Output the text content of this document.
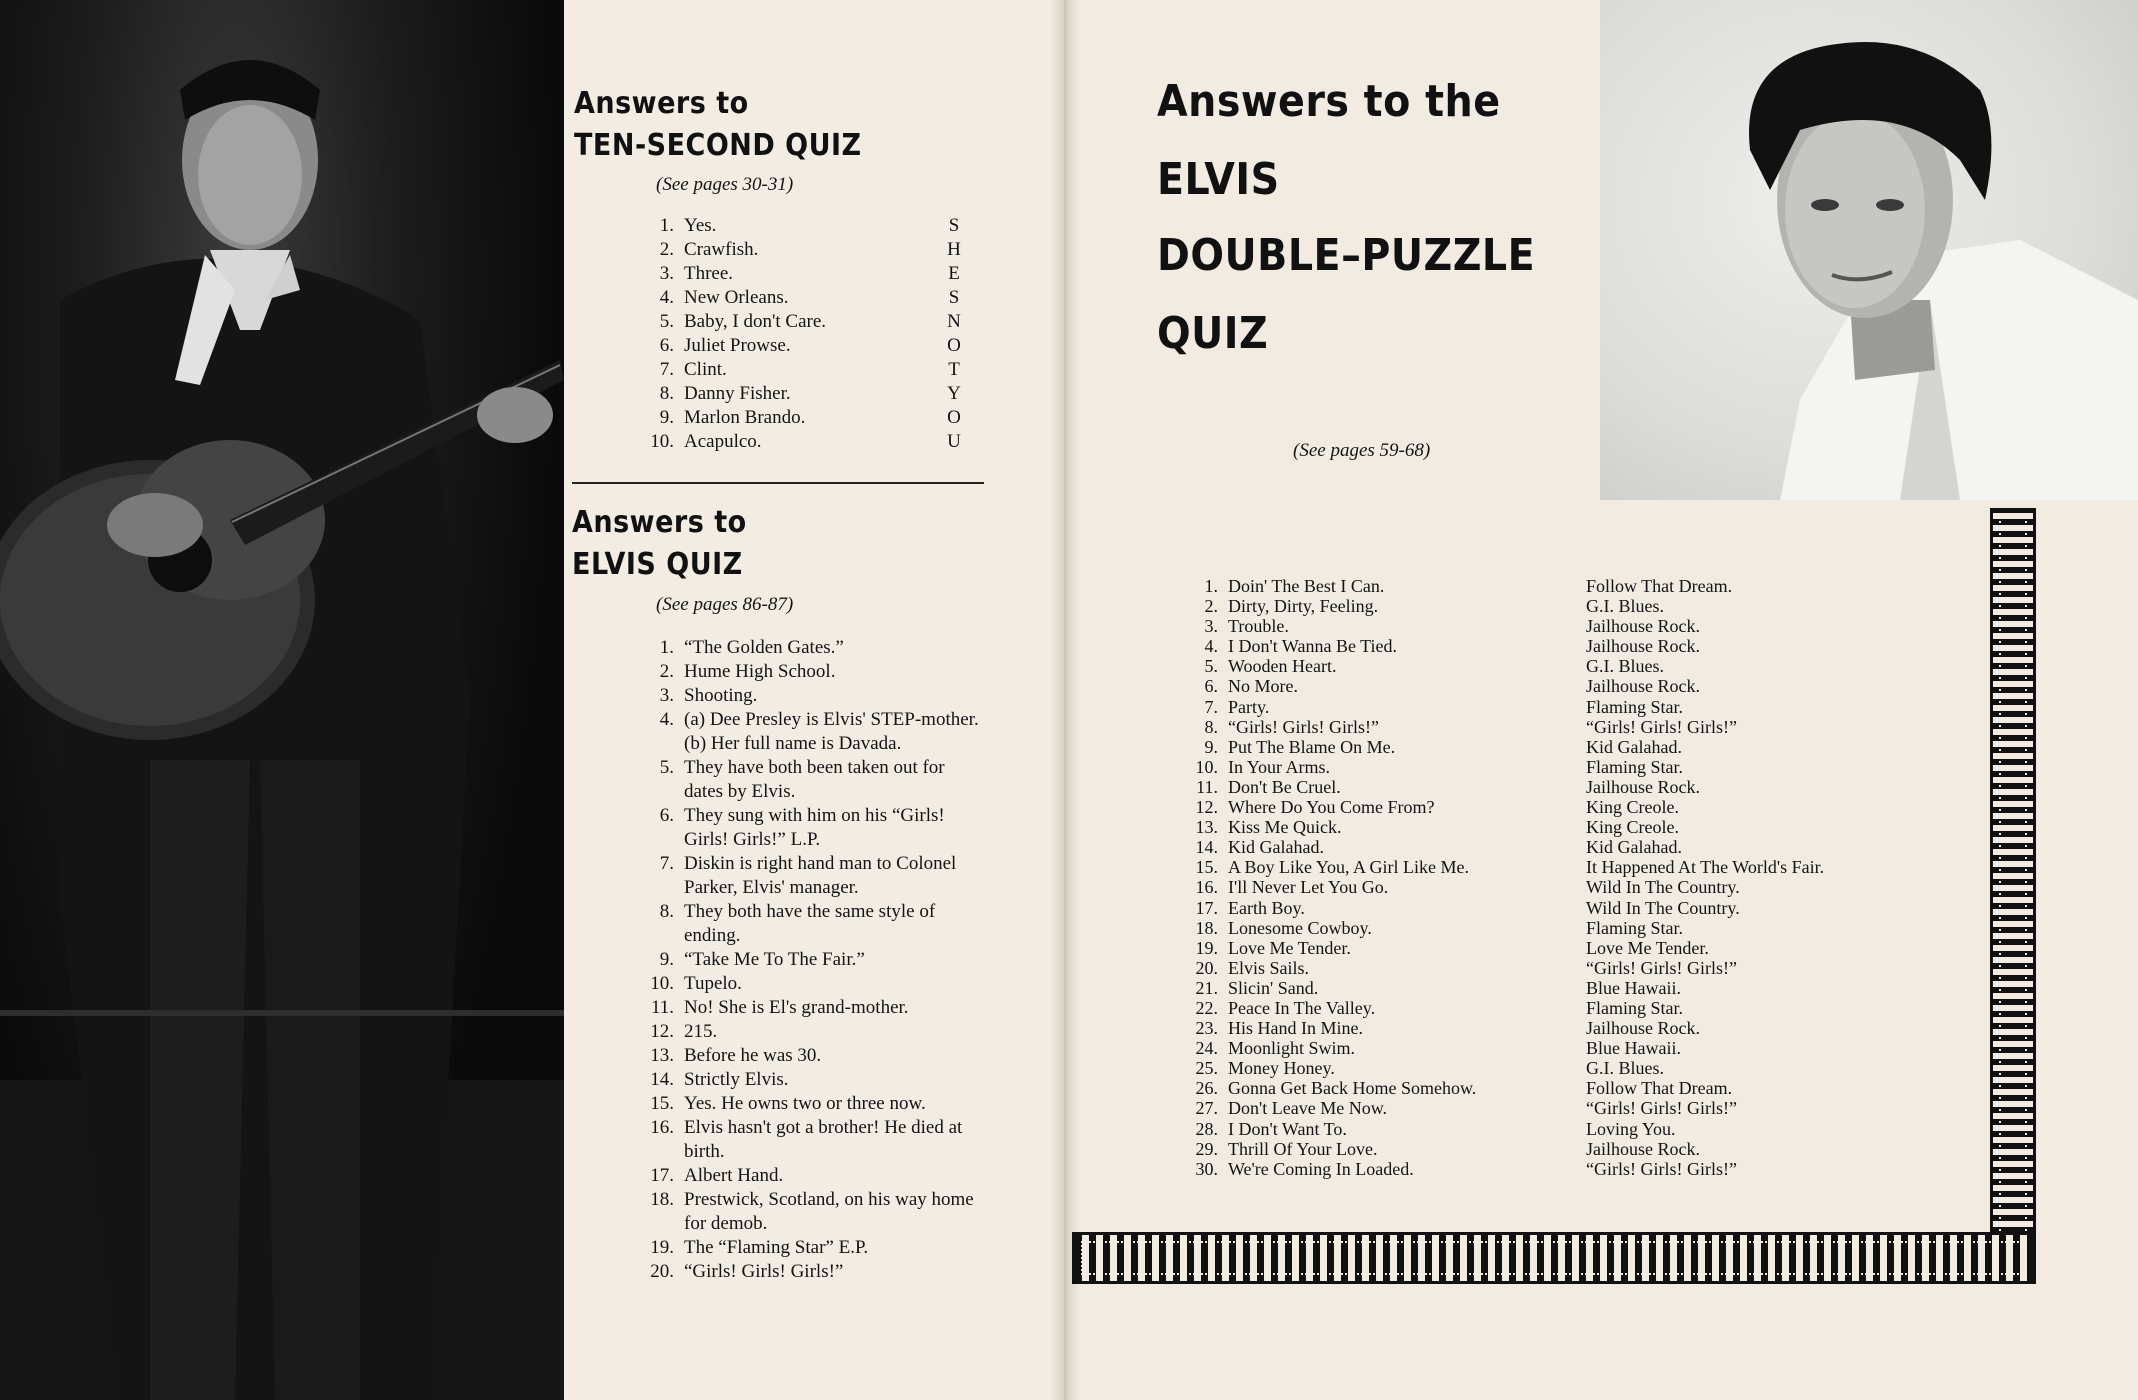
Answers to
TEN-SECOND QUIZ
(See pages 30-31)
1. Yes.
2. Crawfish.
3. Three.
4. New Orleans.
5. Baby, I don't Care.
6. Juliet Prowse.
7. Clint.
8. Danny Fisher.
9. Marlon Brando.
10. Acapulco.
S
H
E
S
N
O
T
Y
O
U
Answers to
ELVIS QUIZ
(See pages 86-87)
1. “The Golden Gates.”
2. Hume High School.
3. Shooting.
4. (a) Dee Presley is Elvis' STEP-mother. (b) Her full name is Davada.
5. They have both been taken out for dates by Elvis.
6. They sung with him on his “Girls! Girls! Girls!” L.P.
7. Diskin is right hand man to Colonel Parker, Elvis' manager.
8. They both have the same style of ending.
9. “Take Me To The Fair.”
10. Tupelo.
11. No! She is El's grand-mother.
12. 215.
13. Before he was 30.
14. Strictly Elvis.
15. Yes. He owns two or three now.
16. Elvis hasn't got a brother! He died at birth.
17. Albert Hand.
18. Prestwick, Scotland, on his way home for demob.
19. The “Flaming Star” E.P.
20. “Girls! Girls! Girls!”
Answers to the
ELVIS
DOUBLE–PUZZLE
QUIZ
(See pages 59-68)
1. Doin' The Best I Can.
2. Dirty, Dirty, Feeling.
3. Trouble.
4. I Don't Wanna Be Tied.
5. Wooden Heart.
6. No More.
7. Party.
8. “Girls! Girls! Girls!”
9. Put The Blame On Me.
10. In Your Arms.
11. Don't Be Cruel.
12. Where Do You Come From?
13. Kiss Me Quick.
14. Kid Galahad.
15. A Boy Like You, A Girl Like Me.
16. I'll Never Let You Go.
17. Earth Boy.
18. Lonesome Cowboy.
19. Love Me Tender.
20. Elvis Sails.
21. Slicin' Sand.
22. Peace In The Valley.
23. His Hand In Mine.
24. Moonlight Swim.
25. Money Honey.
26. Gonna Get Back Home Somehow.
27. Don't Leave Me Now.
28. I Don't Want To.
29. Thrill Of Your Love.
30. We're Coming In Loaded.
Follow That Dream.
G.I. Blues.
Jailhouse Rock.
Jailhouse Rock.
G.I. Blues.
Jailhouse Rock.
Flaming Star.
“Girls! Girls! Girls!”
Kid Galahad.
Flaming Star.
Jailhouse Rock.
King Creole.
King Creole.
Kid Galahad.
It Happened At The World's Fair.
Wild In The Country.
Wild In The Country.
Flaming Star.
Love Me Tender.
“Girls! Girls! Girls!”
Blue Hawaii.
Flaming Star.
Jailhouse Rock.
Blue Hawaii.
G.I. Blues.
Follow That Dream.
“Girls! Girls! Girls!”
Loving You.
Jailhouse Rock.
“Girls! Girls! Girls!”
